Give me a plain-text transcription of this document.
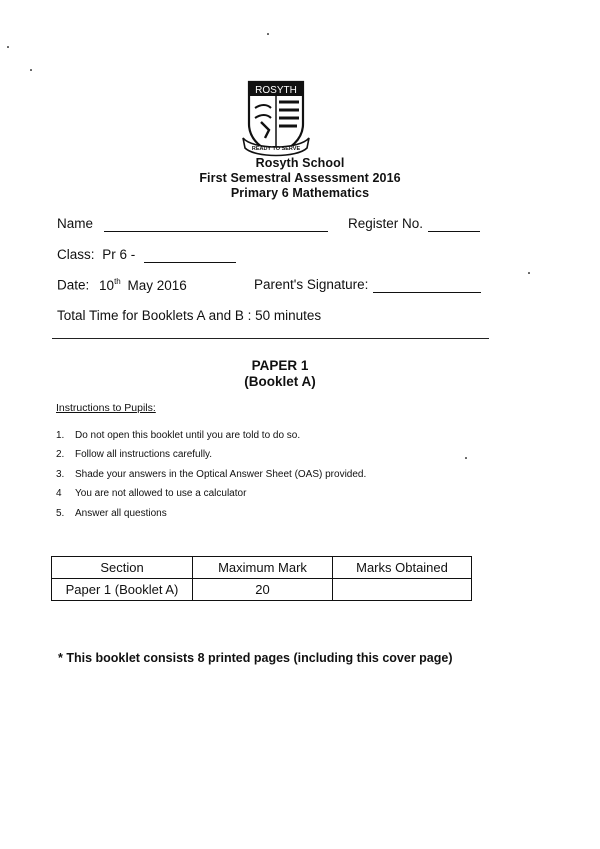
ROSYTH
READY TO SERVE
Rosyth School
First Semestral Assessment 2016
Primary 6 Mathematics
Name	Register No.
Class: Pr 6 -
Date: 10th May 2016	Parent's Signature:
Total Time for Booklets A and B : 50 minutes
PAPER 1
(Booklet A)
Instructions to Pupils:
1. Do not open this booklet until you are told to do so.
2. Follow all instructions carefully.
3. Shade your answers in the Optical Answer Sheet (OAS) provided.
4 You are not allowed to use a calculator
5. Answer all questions
Section	Maximum Mark	Marks Obtained
Paper 1 (Booklet A)	20	
* This booklet consists 8 printed pages (including this cover page)
